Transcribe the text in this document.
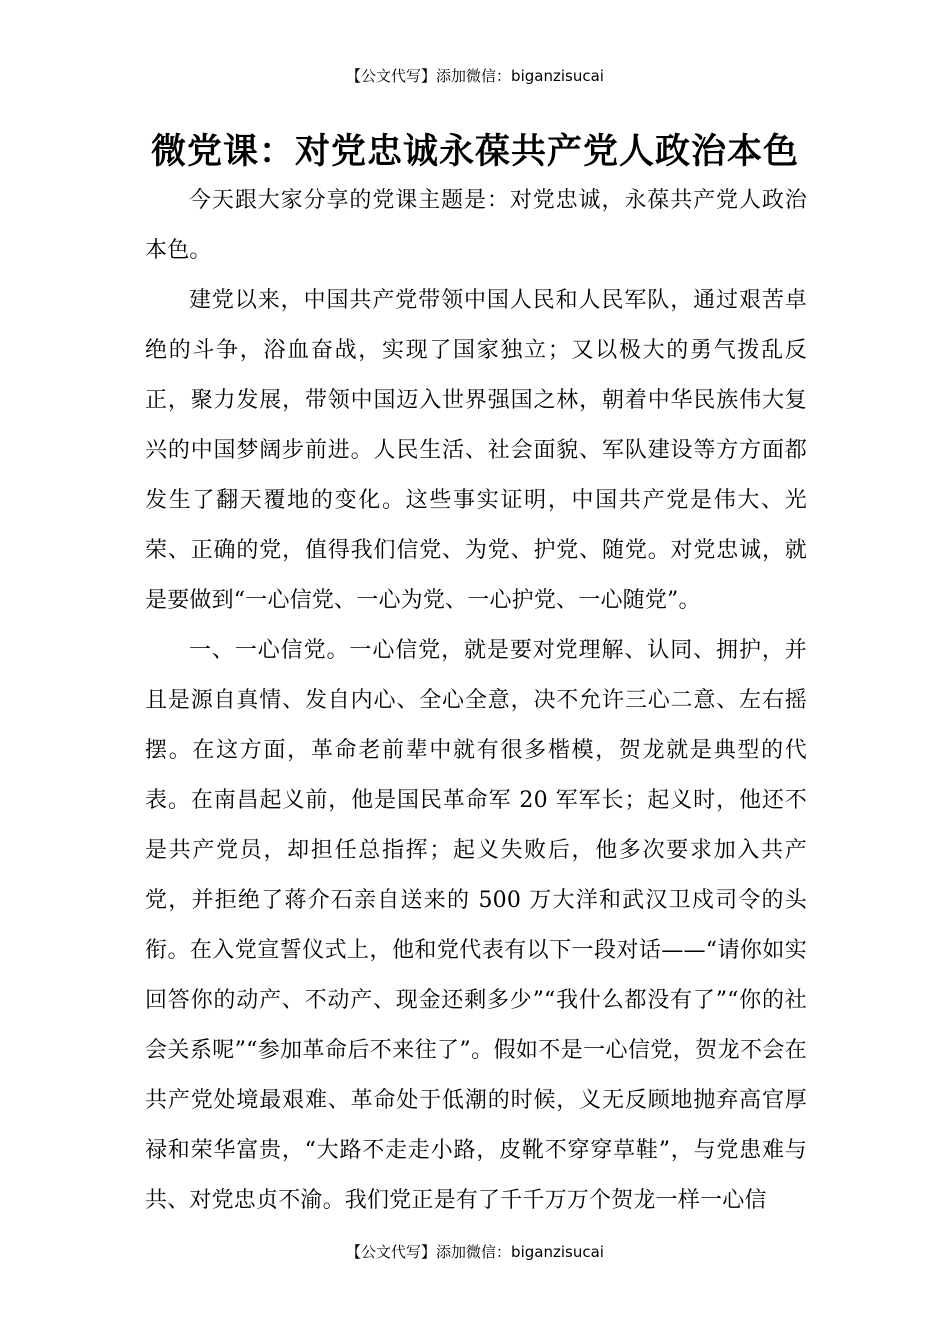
【公文代写】添加微信：biganzisucai
微党课：对党忠诚永葆共产党人政治本色

今天跟大家分享的党课主题是：对党忠诚，永葆共产党人政治本色。

建党以来，中国共产党带领中国人民和人民军队，通过艰苦卓绝的斗争，浴血奋战，实现了国家独立；又以极大的勇气拨乱反正，聚力发展，带领中国迈入世界强国之林，朝着中华民族伟大复兴的中国梦阔步前进。人民生活、社会面貌、军队建设等方方面都发生了翻天覆地的变化。这些事实证明，中国共产党是伟大、光荣、正确的党，值得我们信党、为党、护党、随党。对党忠诚，就是要做到“一心信党、一心为党、一心护党、一心随党”。

一、一心信党。一心信党，就是要对党理解、认同、拥护，并且是源自真情、发自内心、全心全意，决不允许三心二意、左右摇摆。在这方面，革命老前辈中就有很多楷模，贺龙就是典型的代表。在南昌起义前，他是国民革命军 20 军军长；起义时，他还不是共产党员，却担任总指挥；起义失败后，他多次要求加入共产党，并拒绝了蒋介石亲自送来的 500 万大洋和武汉卫戍司令的头衔。在入党宣誓仪式上，他和党代表有以下一段对话——“请你如实回答你的动产、不动产、现金还剩多少”“我什么都没有了”“你的社会关系呢”“参加革命后不来往了”。假如不是一心信党，贺龙不会在共产党处境最艰难、革命处于低潮的时候，义无反顾地抛弃高官厚禄和荣华富贵，“大路不走走小路，皮靴不穿穿草鞋”，与党患难与共、对党忠贞不渝。我们党正是有了千千万万个贺龙一样一心信

【公文代写】添加微信：biganzisucai
